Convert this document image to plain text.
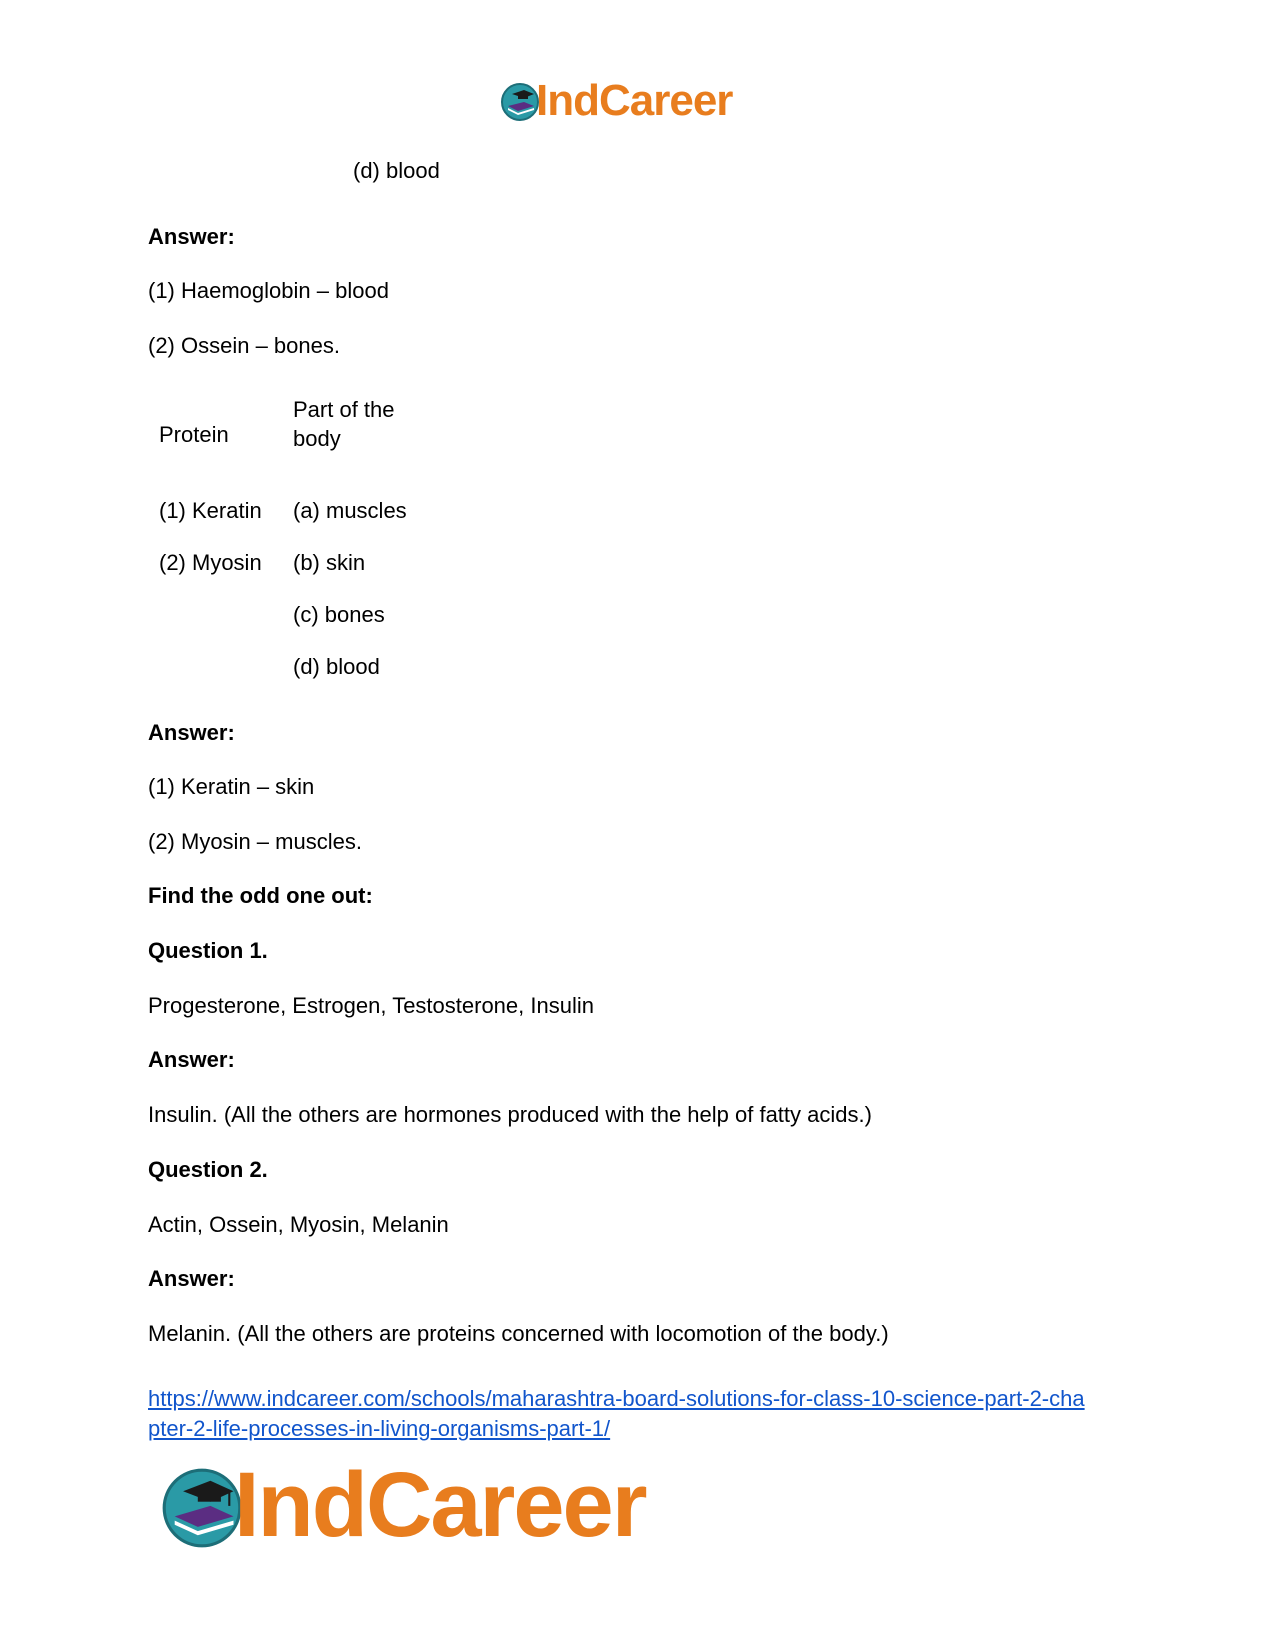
IndCareer
(d) blood
Answer:
(1) Haemoglobin – blood
(2) Ossein – bones.
Protein
Part of the
body
(1) Keratin
(2) Myosin
(a) muscles
(b) skin
(c) bones
(d) blood
Answer:
(1) Keratin – skin
(2) Myosin – muscles.
Find the odd one out:
Question 1.
Progesterone, Estrogen, Testosterone, Insulin
Answer:
Insulin. (All the others are hormones produced with the help of fatty acids.)
Question 2.
Actin, Ossein, Myosin, Melanin
Answer:
Melanin. (All the others are proteins concerned with locomotion of the body.)
https://www.indcareer.com/schools/maharashtra-board-solutions-for-class-10-science-part-2-cha
pter-2-life-processes-in-living-organisms-part-1/
IndCareer
